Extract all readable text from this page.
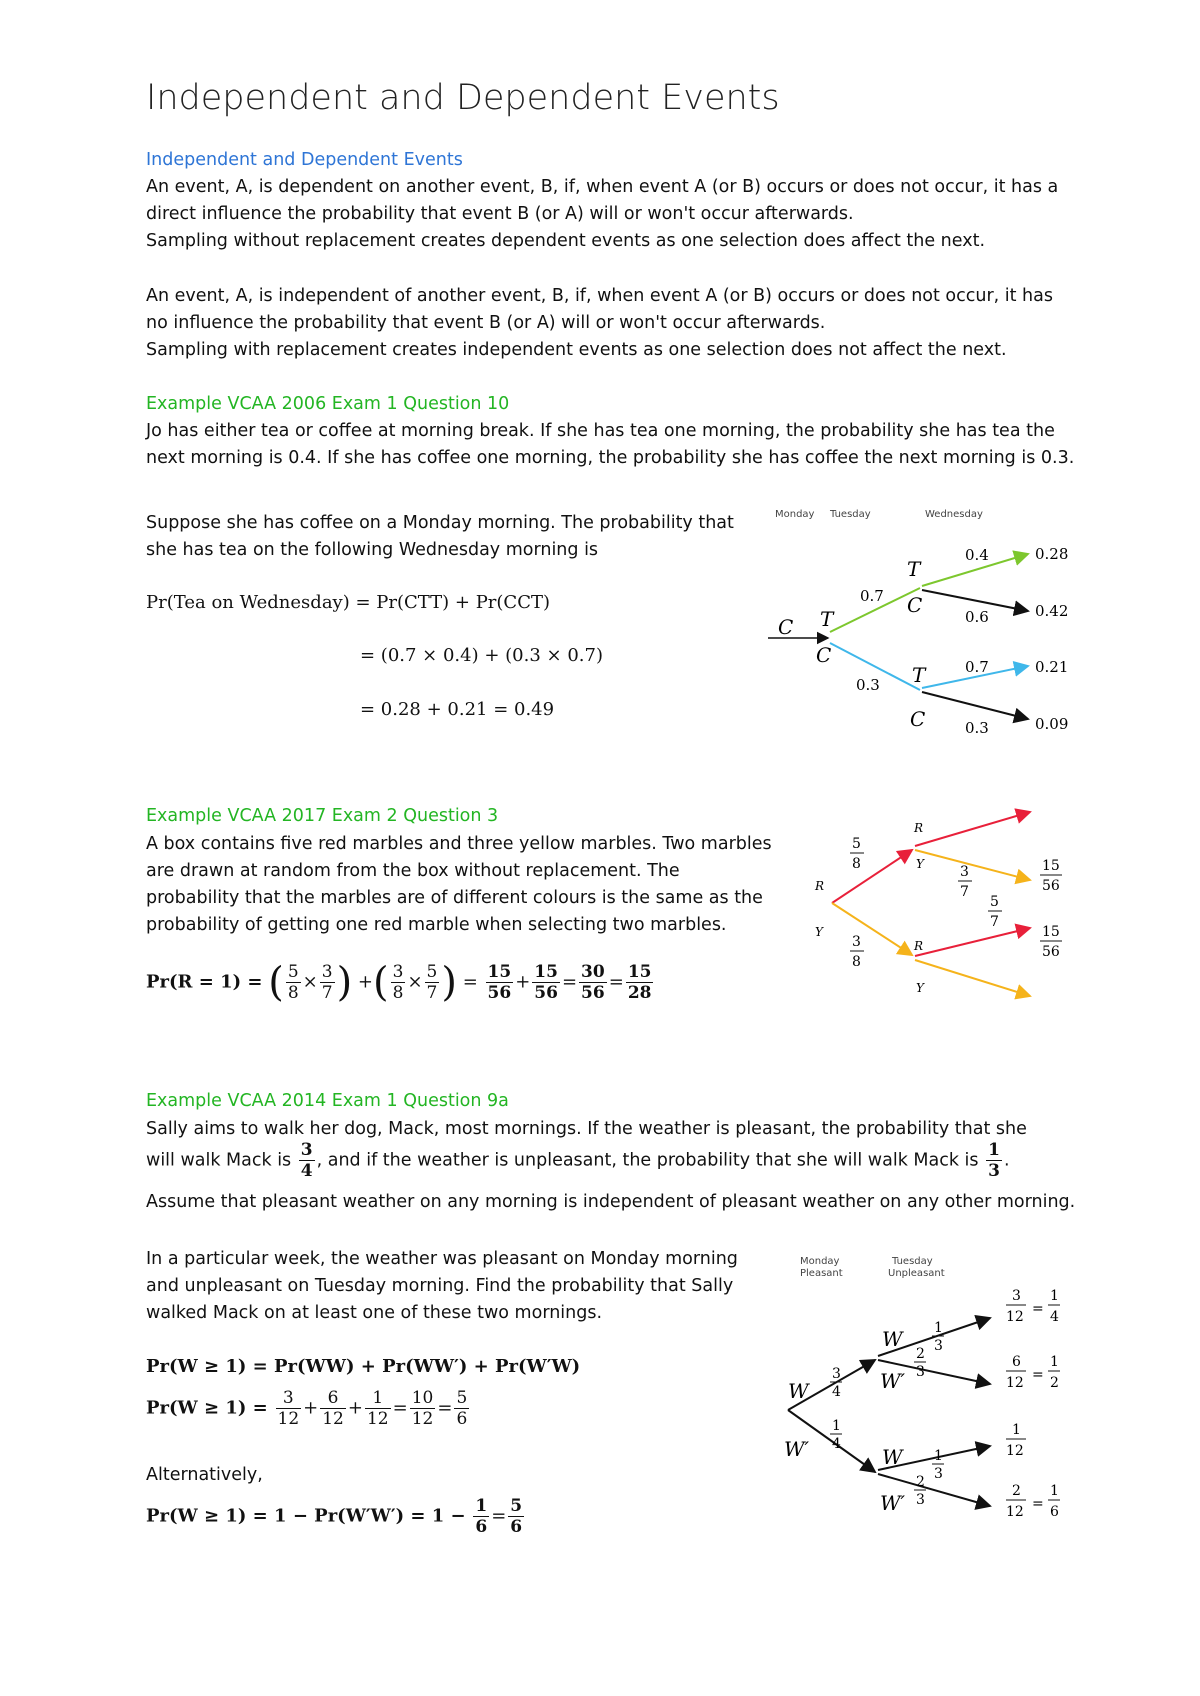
Independent and Dependent Events
Independent and Dependent Events

An event, A, is dependent on another event, B, if, when event A (or B) occurs or does not occur, it has a

direct influence the probability that event B (or A) will or won't occur afterwards.

Sampling without replacement creates dependent events as one selection does affect the next.

An event, A, is independent of another event, B, if, when event A (or B) occurs or does not occur, it has

no influence the probability that event B (or A) will or won't occur afterwards.

Sampling with replacement creates independent events as one selection does not affect the next.

Example VCAA 2006 Exam 1 Question 10

Jo has either tea or coffee at morning break. If she has tea one morning, the probability she has tea the

next morning is 0.4. If she has coffee one morning, the probability she has coffee the next morning is 0.3.

Suppose she has coffee on a Monday morning. The probability that

she has tea on the following Wednesday morning is

Pr(Tea on Wednesday) = Pr(CTT) + Pr(CCT)
= (0.7 × 0.4) + (0.3 × 0.7)
= 0.28 + 0.21 = 0.49
Monday Tuesday	Wednesday
C T
C
T
C
T
C
0.7
0.3
0.4
0.6
0.7
0.3
0.28
0.42
0.21
0.09
Example VCAA 2017 Exam 2 Question 3

A box contains five red marbles and three yellow marbles. Two marbles

are drawn at random from the box without replacement. The

probability that the marbles are of different colours is the same as the

probability of getting one red marble when selecting two marbles.

Pr(R = 1) = ( $\frac{5}{8} \times \frac{3}{7}$ ) +( $\frac{3}{8} \times \frac{5}{7}$ ) = $\frac{15}{56} + \frac{15}{56} = \frac{30}{56} = \frac{15}{28}$
R
Y
R
Y
R
Y
5
8
3
8
3
7
5
7
15
56
15
56
Example VCAA 2014 Exam 1 Question 9a
Sally aims to walk her dog, Mack, most mornings. If the weather is pleasant, the probability that she
will walk Mack is $\frac{3}{4}$ , and if the weather is unpleasant, the probability that she will walk Mack is $\frac{1}{3}$ .
Assume that pleasant weather on any morning is independent of pleasant weather on any other morning.

In a particular week, the weather was pleasant on Monday morning

and unpleasant on Tuesday morning. Find the probability that Sally

walked Mack on at least one of these two mornings.

Pr(W ≥ 1) = Pr(WW) + Pr(WW′) + Pr(W′W)
$Pr(W \ge 1) = \frac{3}{12} + \frac{6}{12} + \frac{1}{12} = \frac{10}{12} = \frac{5}{6}$
Alternatively,
$Pr(W \ge 1) = 1 - Pr(W'W') = 1 - \frac{1}{6} = \frac{5}{6}$
Monday
Pleasant
Tuesday
Unpleasant
W
W
W′
W′	W
W′
3
4
1
4
1
3
2
3
1
3
2
3
3
12 =
1
4
6
12 =
1
2
1
12
2
12 =
1
6
